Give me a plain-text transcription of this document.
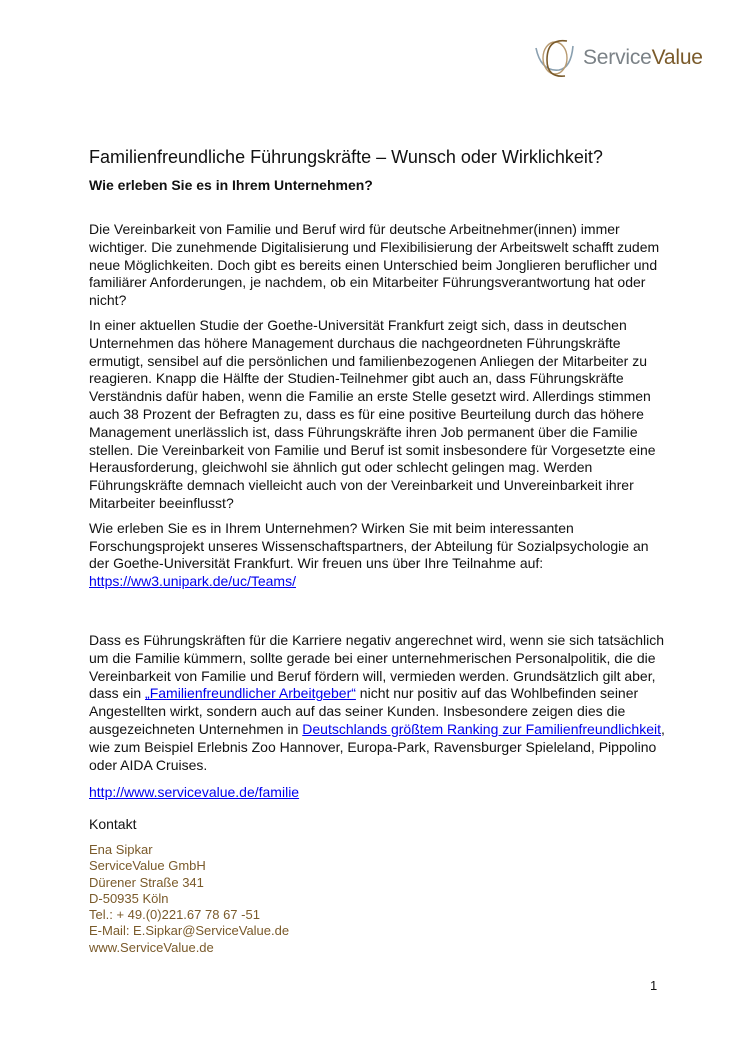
ServiceValue
Familienfreundliche Führungskräfte – Wunsch oder Wirklichkeit?
Wie erleben Sie es in Ihrem Unternehmen?

Die Vereinbarkeit von Familie und Beruf wird für deutsche Arbeitnehmer(innen) immer
wichtiger. Die zunehmende Digitalisierung und Flexibilisierung der Arbeitswelt schafft zudem
neue Möglichkeiten. Doch gibt es bereits einen Unterschied beim Jonglieren beruflicher und
familiärer Anforderungen, je nachdem, ob ein Mitarbeiter Führungsverantwortung hat oder
nicht?

In einer aktuellen Studie der Goethe-Universität Frankfurt zeigt sich, dass in deutschen
Unternehmen das höhere Management durchaus die nachgeordneten Führungskräfte
ermutigt, sensibel auf die persönlichen und familienbezogenen Anliegen der Mitarbeiter zu
reagieren. Knapp die Hälfte der Studien-Teilnehmer gibt auch an, dass Führungskräfte
Verständnis dafür haben, wenn die Familie an erste Stelle gesetzt wird. Allerdings stimmen
auch 38 Prozent der Befragten zu, dass es für eine positive Beurteilung durch das höhere
Management unerlässlich ist, dass Führungskräfte ihren Job permanent über die Familie
stellen. Die Vereinbarkeit von Familie und Beruf ist somit insbesondere für Vorgesetzte eine
Herausforderung, gleichwohl sie ähnlich gut oder schlecht gelingen mag. Werden
Führungskräfte demnach vielleicht auch von der Vereinbarkeit und Unvereinbarkeit ihrer
Mitarbeiter beeinflusst?

Wie erleben Sie es in Ihrem Unternehmen? Wirken Sie mit beim interessanten
Forschungsprojekt unseres Wissenschaftspartners, der Abteilung für Sozialpsychologie an
der Goethe-Universität Frankfurt. Wir freuen uns über Ihre Teilnahme auf:
https://ww3.unipark.de/uc/Teams/

Dass es Führungskräften für die Karriere negativ angerechnet wird, wenn sie sich tatsächlich
um die Familie kümmern, sollte gerade bei einer unternehmerischen Personalpolitik, die die
Vereinbarkeit von Familie und Beruf fördern will, vermieden werden. Grundsätzlich gilt aber,
dass ein „Familienfreundlicher Arbeitgeber“ nicht nur positiv auf das Wohlbefinden seiner
Angestellten wirkt, sondern auch auf das seiner Kunden. Insbesondere zeigen dies die
ausgezeichneten Unternehmen in Deutschlands größtem Ranking zur Familienfreundlichkeit,
wie zum Beispiel Erlebnis Zoo Hannover, Europa-Park, Ravensburger Spieleland, Pippolino
oder AIDA Cruises.

http://www.servicevalue.de/familie

Kontakt
Ena Sipkar
ServiceValue GmbH
Dürener Straße 341
D-50935 Köln
Tel.: + 49.(0)221.67 78 67 -51
E-Mail: E.Sipkar@ServiceValue.de
www.ServiceValue.de
1
